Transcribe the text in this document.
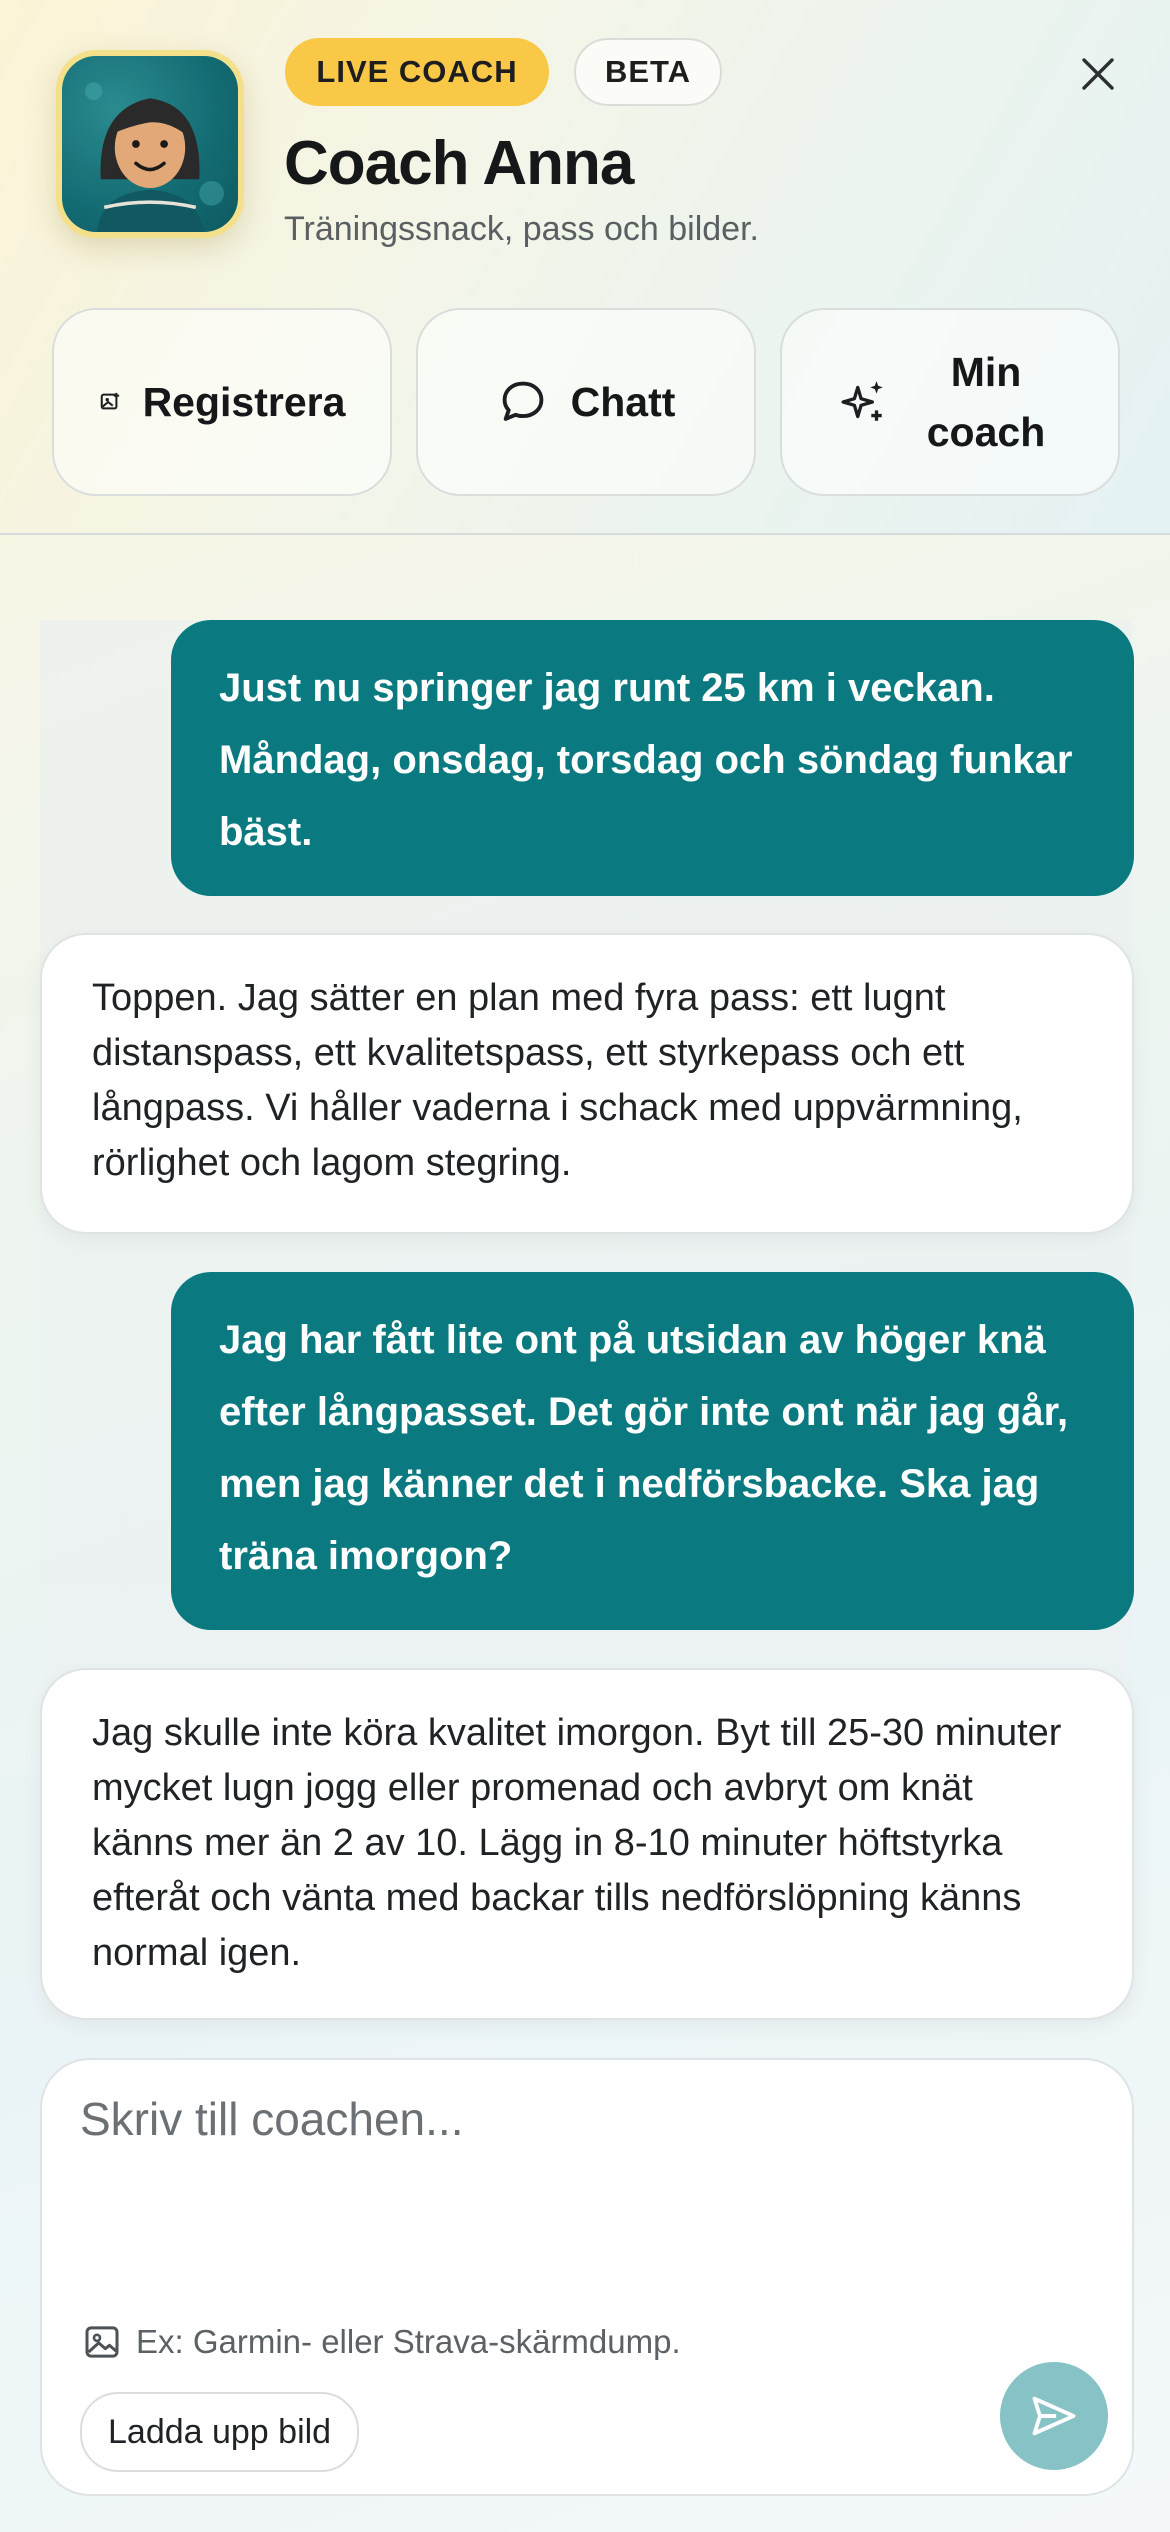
LIVE COACH	BETA
Coach Anna
Träningssnack, pass och bilder.
Registrera	Chatt
Min coach
Just nu springer jag runt 25 km i veckan. Måndag, onsdag, torsdag och söndag funkar bäst.
Toppen. Jag sätter en plan med fyra pass: ett lugnt distanspass, ett kvalitetspass, ett styrkepass och ett långpass. Vi håller vaderna i schack med uppvärmning, rörlighet och lagom stegring.
Jag har fått lite ont på utsidan av höger knä efter långpasset. Det gör inte ont när jag går, men jag känner det i nedförsbacke. Ska jag träna imorgon?
Jag skulle inte köra kvalitet imorgon. Byt till 25-30 minuter mycket lugn jogg eller promenad och avbryt om knät känns mer än 2 av 10. Lägg in 8-10 minuter höftstyrka efteråt och vänta med backar tills nedförslöpning känns normal igen.
Skriv till coachen...
Ex: Garmin- eller Strava-skärmdump.
Ladda upp bild
